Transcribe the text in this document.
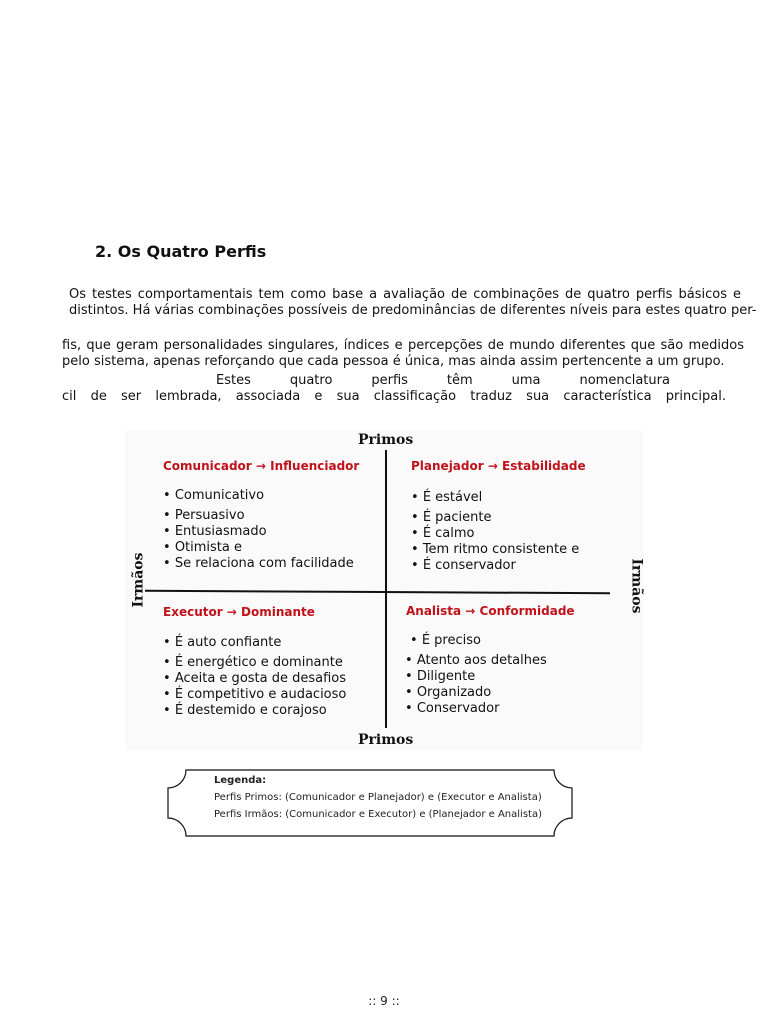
2. Os Quatro Perfis
Os testes comportamentais tem como base a avaliação de combinações de quatro perfis básicos e
distintos. Há várias combinações possíveis de predominâncias de diferentes níveis para estes quatro per-
fis, que geram personalidades singulares, índices e percepções de mundo diferentes que são medidos
pelo sistema, apenas reforçando que cada pessoa é única, mas ainda assim pertencente a um grupo.
Estes	quatro	perfis	têm	uma	nomenclatura
cil de ser lembrada, associada e sua classificação traduz sua característica principal.
Primos
Primos
Irmãos	Irmãos
Comunicador → Influenciador
• Comunicativo
• Persuasivo
• Entusiasmado
• Otimista e
• Se relaciona com facilidade
Planejador → Estabilidade
• É estável
• É paciente
• É calmo
• Tem ritmo consistente e
• É conservador
Executor → Dominante
• É auto confiante
• É energético e dominante
• Aceita e gosta de desafios
• É competitivo e audacioso
• É destemido e corajoso
Analista → Conformidade
• É preciso
• Atento aos detalhes
• Diligente
• Organizado
• Conservador
Legenda:
Perfis Primos: (Comunicador e Planejador) e (Executor e Analista)
Perfis Irmãos: (Comunicador e Executor) e (Planejador e Analista)
:: 9 ::
